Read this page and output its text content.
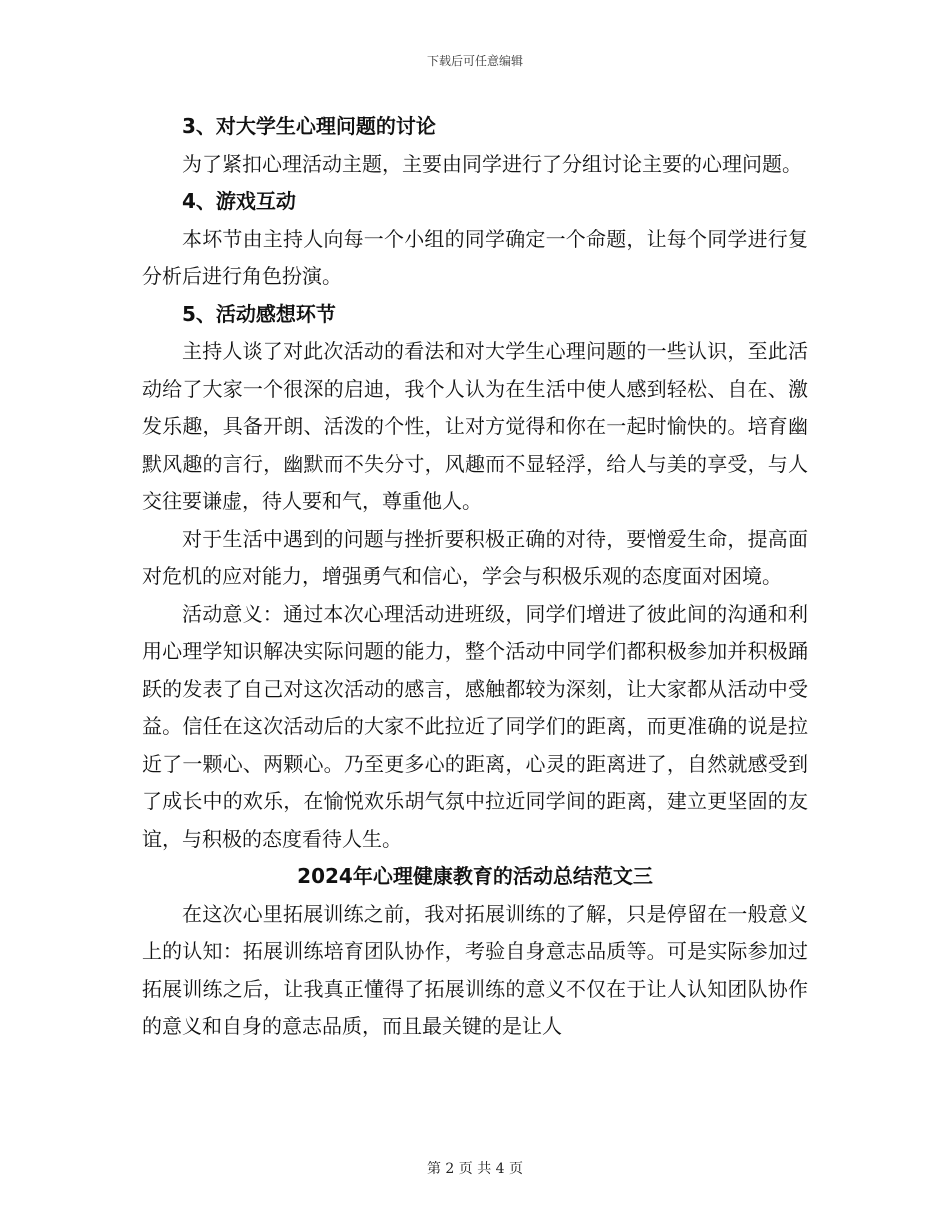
下载后可任意编辑
3、对大学生心理问题的讨论

为了紧扣心理活动主题，主要由同学进行了分组讨论主要的心理问题。

4、游戏互动

本坏节由主持人向每一个小组的同学确定一个命题，让每个同学进行复分析后进行角色扮演。

5、活动感想环节

主持人谈了对此次活动的看法和对大学生心理问题的一些认识，至此活动给了大家一个很深的启迪，我个人认为在生活中使人感到轻松、自在、激发乐趣，具备开朗、活泼的个性，让对方觉得和你在一起时愉快的。培育幽默风趣的言行，幽默而不失分寸，风趣而不显轻浮，给人与美的享受，与人交往要谦虚，待人要和气，尊重他人。

对于生活中遇到的问题与挫折要积极正确的对待，要憎爱生命，提高面对危机的应对能力，增强勇气和信心，学会与积极乐观的态度面对困境。

活动意义：通过本次心理活动进班级，同学们增进了彼此间的沟通和利用心理学知识解决实际问题的能力，整个活动中同学们都积极参加并积极踊跃的发表了自己对这次活动的感言，感触都较为深刻，让大家都从活动中受益。信任在这次活动后的大家不此拉近了同学们的距离，而更准确的说是拉近了一颗心、两颗心。乃至更多心的距离，心灵的距离进了，自然就感受到了成长中的欢乐，在愉悦欢乐胡气氛中拉近同学间的距离，建立更坚固的友谊，与积极的态度看待人生。

2024年心理健康教育的活动总结范文三

在这次心里拓展训练之前，我对拓展训练的了解，只是停留在一般意义上的认知：拓展训练培育团队协作，考验自身意志品质等。可是实际参加过拓展训练之后，让我真正懂得了拓展训练的意义不仅在于让人认知团队协作的意义和自身的意志品质，而且最关键的是让人

第 2 页 共 4 页
